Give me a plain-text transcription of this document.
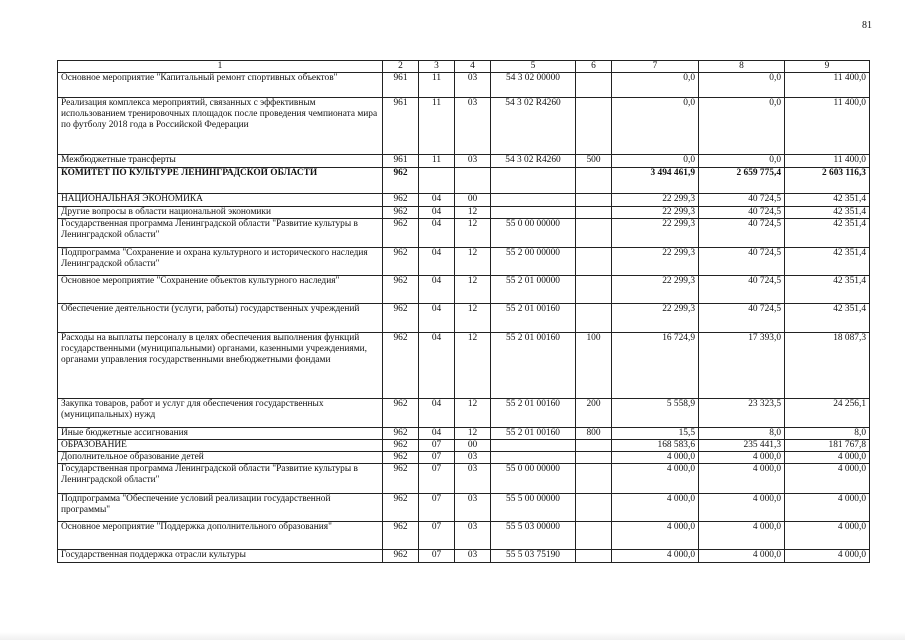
81
1	2	3	4	5	6	7	8	9
Основное мероприятие "Капитальный ремонт спортивных объектов"	961	11	03	54 3 02 00000		0,0	0,0	11 400,0
Реализация комплекса мероприятий, связанных с эффективным использованием тренировочных площадок после проведения чемпионата мира по футболу 2018 года в Российской Федерации	961	11	03	54 3 02 R4260		0,0	0,0	11 400,0
Межбюджетные трансферты	961	11	03	54 3 02 R4260	500	0,0	0,0	11 400,0
КОМИТЕТ ПО КУЛЬТУРЕ ЛЕНИНГРАДСКОЙ ОБЛАСТИ	962					3 494 461,9	2 659 775,4	2 603 116,3
НАЦИОНАЛЬНАЯ ЭКОНОМИКА	962	04	00			22 299,3	40 724,5	42 351,4
Другие вопросы в области национальной экономики	962	04	12			22 299,3	40 724,5	42 351,4
Государственная программа Ленинградской области "Развитие культуры в Ленинградской области"	962	04	12	55 0 00 00000		22 299,3	40 724,5	42 351,4
Подпрограмма "Сохранение и охрана культурного и исторического наследия Ленинградской области"	962	04	12	55 2 00 00000		22 299,3	40 724,5	42 351,4
Основное мероприятие "Сохранение объектов культурного наследия"	962	04	12	55 2 01 00000		22 299,3	40 724,5	42 351,4
Обеспечение деятельности (услуги, работы) государственных учреждений	962	04	12	55 2 01 00160		22 299,3	40 724,5	42 351,4
Расходы на выплаты персоналу в целях обеспечения выполнения функций государственными (муниципальными) органами, казенными учреждениями, органами управления государственными внебюджетными фондами	962	04	12	55 2 01 00160	100	16 724,9	17 393,0	18 087,3
Закупка товаров, работ и услуг для обеспечения государственных (муниципальных) нужд	962	04	12	55 2 01 00160	200	5 558,9	23 323,5	24 256,1
Иные бюджетные ассигнования	962	04	12	55 2 01 00160	800	15,5	8,0	8,0
ОБРАЗОВАНИЕ	962	07	00			168 583,6	235 441,3	181 767,8
Дополнительное образование детей	962	07	03			4 000,0	4 000,0	4 000,0
Государственная программа Ленинградской области "Развитие культуры в Ленинградской области"	962	07	03	55 0 00 00000		4 000,0	4 000,0	4 000,0
Подпрограмма "Обеспечение условий реализации государственной программы"	962	07	03	55 5 00 00000		4 000,0	4 000,0	4 000,0
Основное мероприятие "Поддержка дополнительного образования"	962	07	03	55 5 03 00000		4 000,0	4 000,0	4 000,0
Государственная поддержка отрасли культуры	962	07	03	55 5 03 75190		4 000,0	4 000,0	4 000,0
